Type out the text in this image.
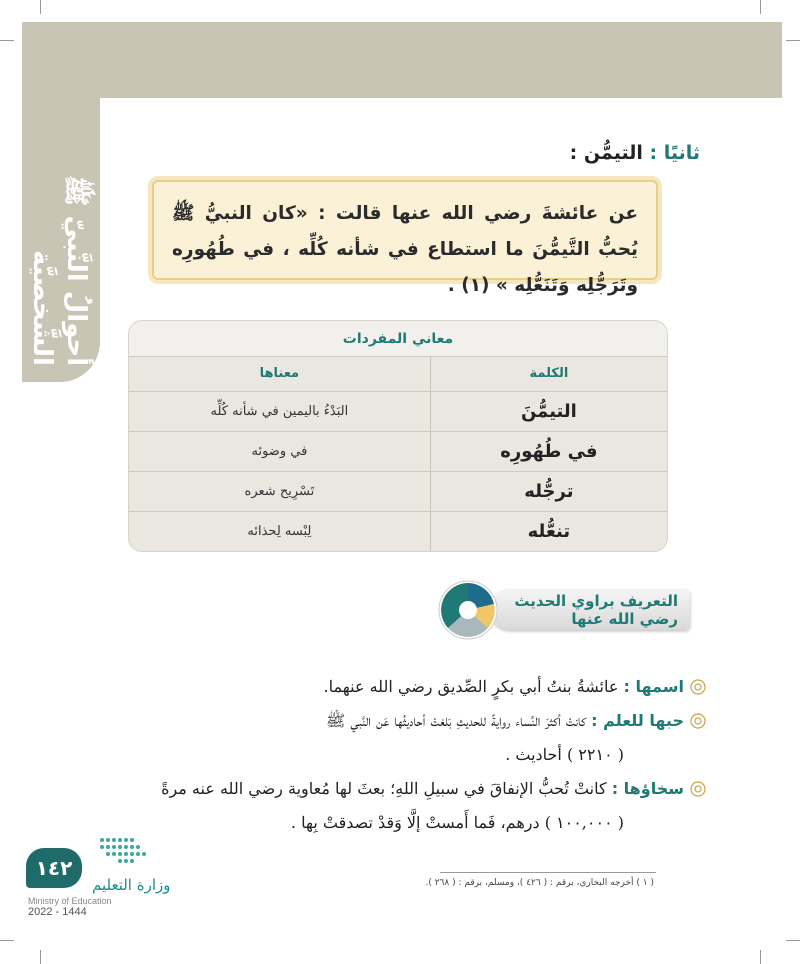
أحوالُ النَّبيّ ﷺ الشَّخصيَّة
ثانيًا : التيمُّن :

عن عائشةَ رضي الله عنها قالت : «كان النبيُّ ﷺ يُحبُّ التَّيمُّنَ ما استطاع في شأنه كُلِّه ، في طُهُورِه وتَرَجُّلِه وَتَنَعُّلِه » (١) .

معاني المفردات
الكلمة	معناها
التيمُّنَ	البَدْءُ باليمين في شأنه كُلِّه
في طُهُورِه	في وضوئه
ترجُّله	تَسْرِيح شعره
تنعُّله	لِبْسه لِحذائه
التعريف براوي الحديث رضي الله عنها
اسمها : عائشةُ بنتُ أبي بكرٍ الصِّديق رضي الله عنهما.
حبها للعلم : كانتْ أكثرَ النِّساء روايةً للحديثِ بَلغتْ أحاديثُها عَن النَّبي ﷺ
( ٢٢١٠ ) أحاديث .
سخاؤها : كانتْ تُحبُّ الإنفاقَ في سبيلِ اللهِ؛ بعثَ لها مُعاوية رضي الله عنه مرةً
( ١٠٠,٠٠٠ ) درهم، فَما أَمستْ إلَّا وَقدْ تصدقتْ بِها .
( ١ ) أخرجه البخاري، برقم : ( ٤٢٦ )، ومسلم، برقم : ( ٢٦٨ ).
١٤٢
وزارة التعليم
Ministry of Education
2022 - 1444
